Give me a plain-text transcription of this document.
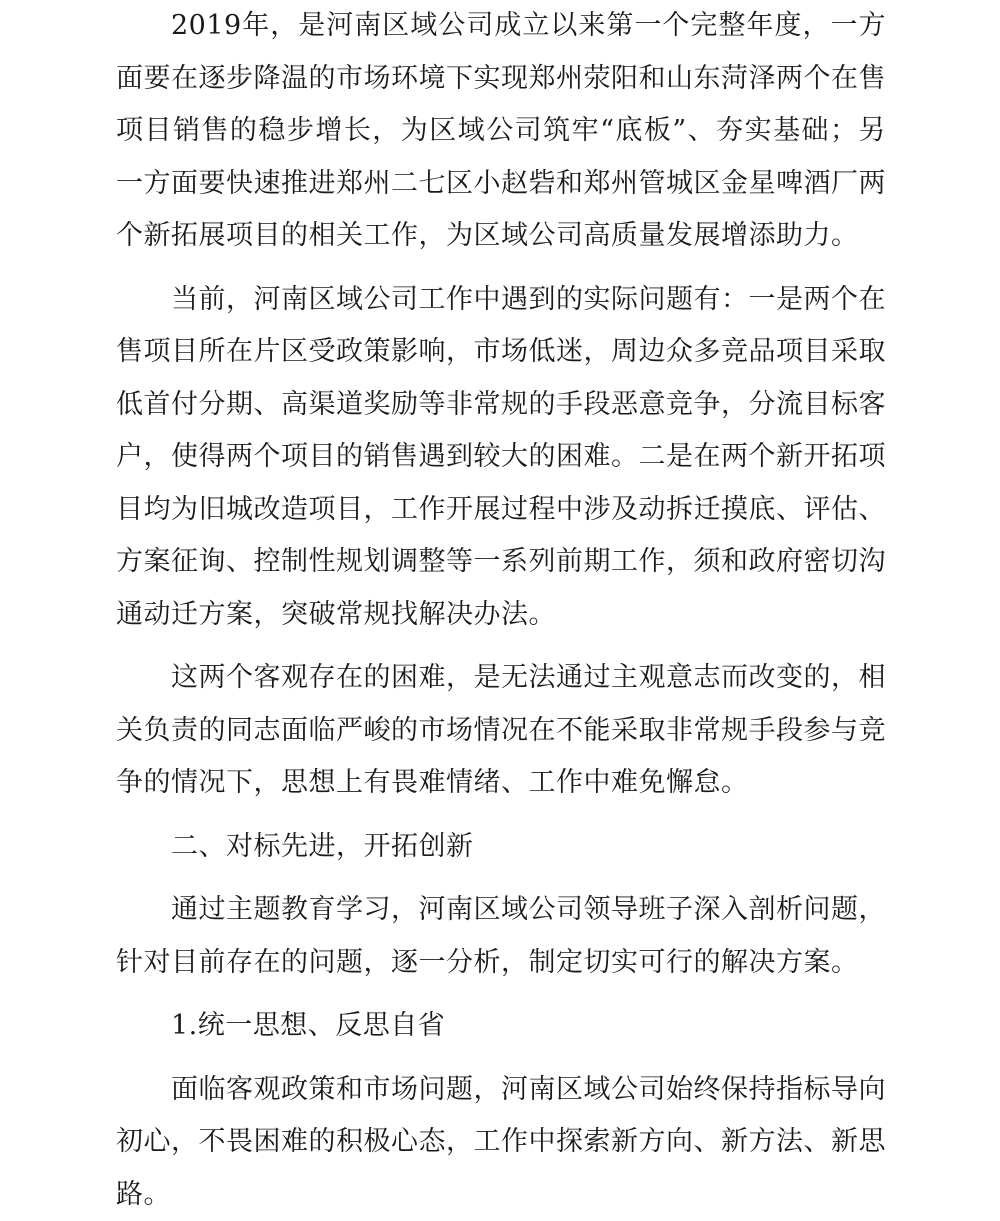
2019年，是河南区域公司成立以来第一个完整年度，一方面要在逐步降温的市场环境下实现郑州荥阳和山东菏泽两个在售项目销售的稳步增长，为区域公司筑牢“底板”、夯实基础；另一方面要快速推进郑州二七区小赵砦和郑州管城区金星啤酒厂两个新拓展项目的相关工作，为区域公司高质量发展增添助力。

当前，河南区域公司工作中遇到的实际问题有：一是两个在售项目所在片区受政策影响，市场低迷，周边众多竞品项目采取低首付分期、高渠道奖励等非常规的手段恶意竞争，分流目标客户，使得两个项目的销售遇到较大的困难。二是在两个新开拓项目均为旧城改造项目，工作开展过程中涉及动拆迁摸底、评估、方案征询、控制性规划调整等一系列前期工作，须和政府密切沟通动迁方案，突破常规找解决办法。

这两个客观存在的困难，是无法通过主观意志而改变的，相关负责的同志面临严峻的市场情况在不能采取非常规手段参与竞争的情况下，思想上有畏难情绪、工作中难免懈怠。

二、对标先进，开拓创新

通过主题教育学习，河南区域公司领导班子深入剖析问题，针对目前存在的问题，逐一分析，制定切实可行的解决方案。

1.统一思想、反思自省

面临客观政策和市场问题，河南区域公司始终保持指标导向初心，不畏困难的积极心态，工作中探索新方向、新方法、新思路。
